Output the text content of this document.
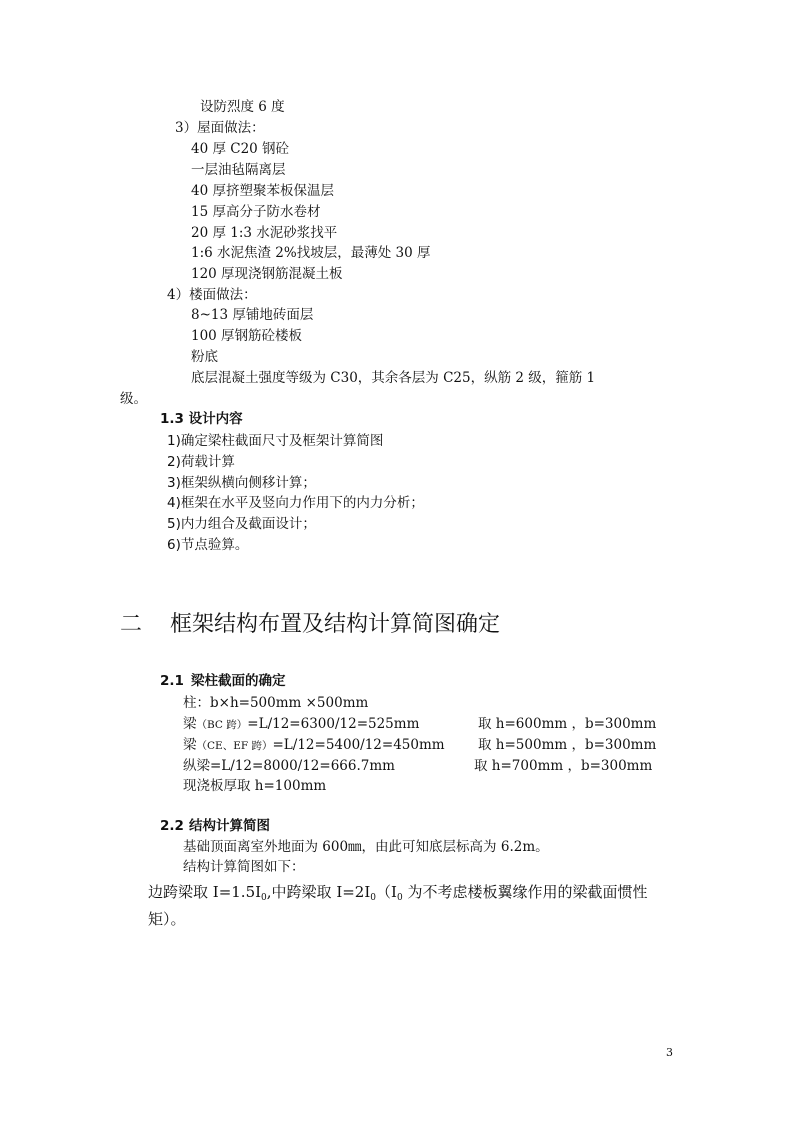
设防烈度 6 度
3）屋面做法：
40 厚 C20 钢砼
一层油毡隔离层
40 厚挤塑聚苯板保温层
15 厚高分子防水卷材
20 厚 1:3 水泥砂浆找平
1:6 水泥焦渣 2%找坡层，最薄处 30 厚
120 厚现浇钢筋混凝土板
4）楼面做法：
8~13 厚铺地砖面层
100 厚钢筋砼楼板
粉底
底层混凝土强度等级为 C30，其余各层为 C25，纵筋 2 级，箍筋 1
级。
1.3 设计内容
1)确定梁柱截面尺寸及框架计算简图
2)荷载计算
3)框架纵横向侧移计算；
4)框架在水平及竖向力作用下的内力分析；
5)内力组合及截面设计；
6)节点验算。
二 框架结构布置及结构计算简图确定
2.1 梁柱截面的确定
柱：b×h=500mm ×500mm
梁（BC 跨）=L/12=6300/12=525mm	取 h=600mm ，b=300mm
梁（CE、EF 跨）=L/12=5400/12=450mm 取 h=500mm ，b=300mm
纵梁=L/12=8000/12=666.7mm	取 h=700mm ，b=300mm
现浇板厚取 h=100mm
2.2 结构计算简图
基础顶面离室外地面为 600㎜，由此可知底层标高为 6.2m。
结构计算简图如下：
边跨梁取 $I=1.5I_0$,中跨梁取 $I=2I_0(I_0$ 为不考虑楼板翼缘作用的梁截面惯性
矩）。
3
